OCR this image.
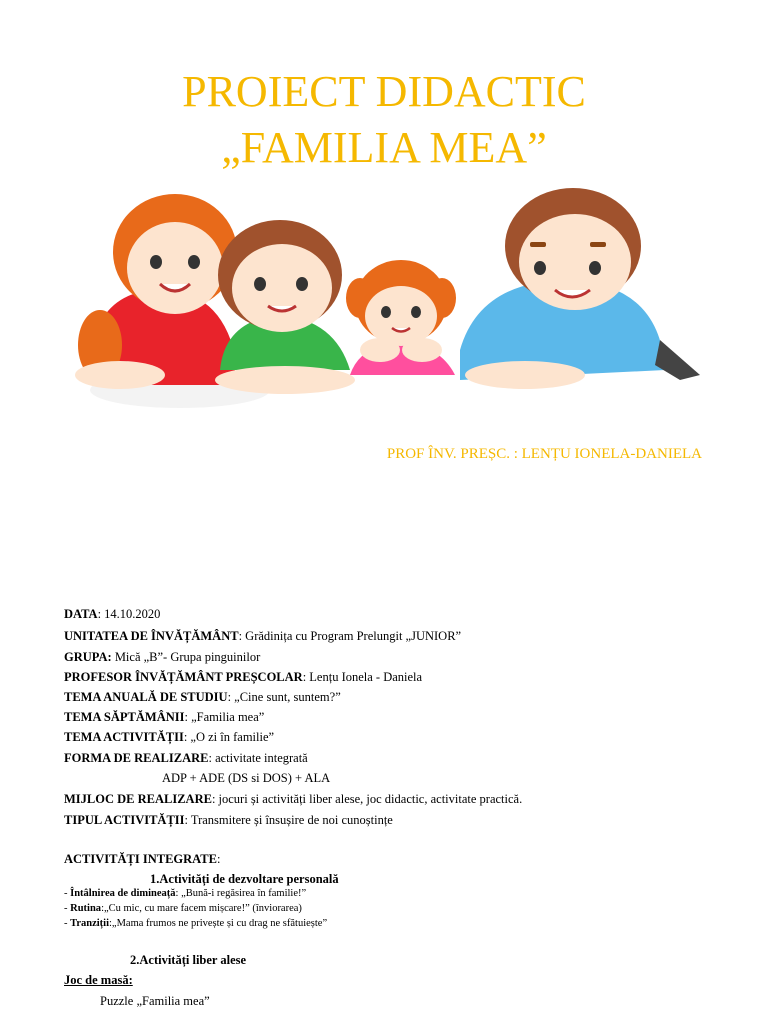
PROIECT DIDACTIC
„FAMILIA MEA”
PROF ÎNV. PREȘC. : LENȚU IONELA-DANIELA
DATA: 14.10.2020
UNITATEA DE ÎNVĂȚĂMÂNT: Grădinița cu Program Prelungit „JUNIOR”
GRUPA: Mică „B”- Grupa pinguinilor
PROFESOR ÎNVĂȚĂMÂNT PREȘCOLAR: Lențu Ionela - Daniela
TEMA ANUALĂ DE STUDIU: „Cine sunt, suntem?”
TEMA SĂPTĂMÂNII: „Familia mea”
TEMA ACTIVITĂȚII: „O zi în familie”
FORMA DE REALIZARE: activitate integrată
ADP + ADE (DS si DOS) + ALA
MIJLOC DE REALIZARE: jocuri și activități liber alese, joc didactic, activitate practică.
TIPUL ACTIVITĂȚII: Transmitere și însușire de noi cunoștințe
ACTIVITĂȚI INTEGRATE:
1.Activități de dezvoltare personală
- Întâlnirea de dimineață: „Bună-i regăsirea în familie!”
- Rutina:„Cu mic, cu mare facem mișcare!” (înviorarea)
- Tranziții:„Mama frumos ne privește și cu drag ne sfătuiește”
2.Activități liber alese
Joc de masă:
Puzzle „Familia mea”
